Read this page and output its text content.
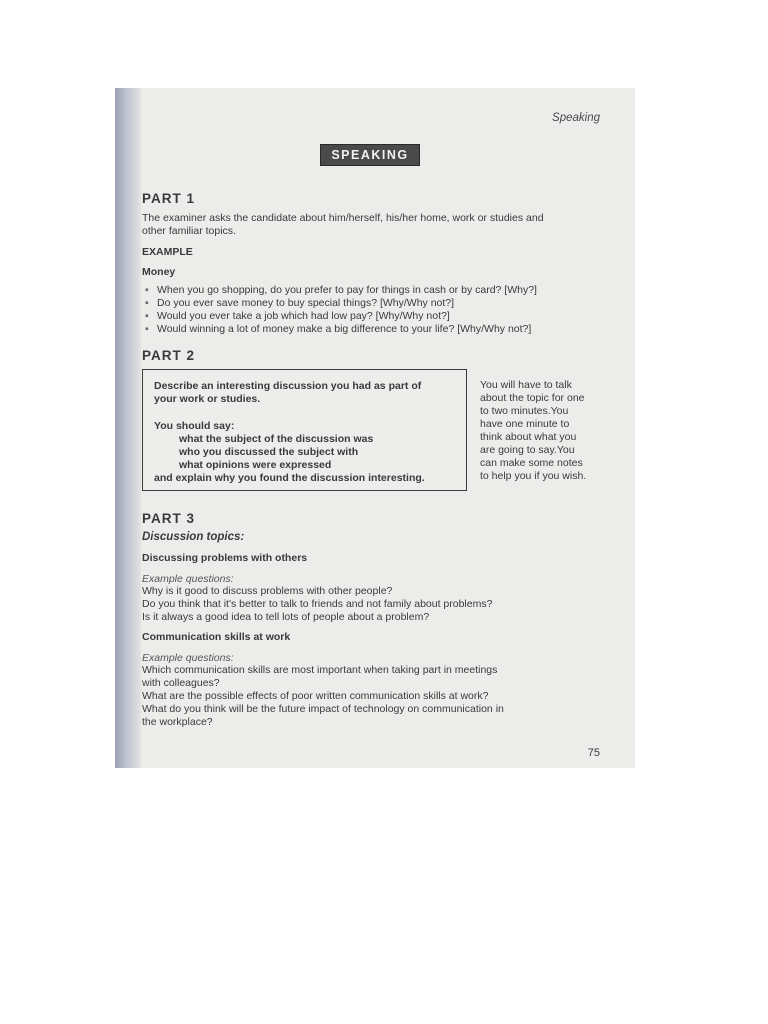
Speaking
SPEAKING
PART 1
The examiner asks the candidate about him/herself, his/her home, work or studies and
other familiar topics.
EXAMPLE
Money
▪ When you go shopping, do you prefer to pay for things in cash or by card? [Why?]
▪ Do you ever save money to buy special things? [Why/Why not?]
▪ Would you ever take a job which had low pay? [Why/Why not?]
▪ Would winning a lot of money make a big difference to your life? [Why/Why not?]
PART 2
Describe an interesting discussion you had as part of
your work or studies.
You should say:
what the subject of the discussion was
who you discussed the subject with
what opinions were expressed
and explain why you found the discussion interesting.
You will have to talk
about the topic for one
to two minutes.You
have one minute to
think about what you
are going to say.You
can make some notes
to help you if you wish.
PART 3
Discussion topics:
Discussing problems with others
Example questions:
Why is it good to discuss problems with other people?
Do you think that it's better to talk to friends and not family about problems?
Is it always a good idea to tell lots of people about a problem?
Communication skills at work
Example questions:
Which communication skills are most important when taking part in meetings
with colleagues?
What are the possible effects of poor written communication skills at work?
What do you think will be the future impact of technology on communication in
the workplace?
75
